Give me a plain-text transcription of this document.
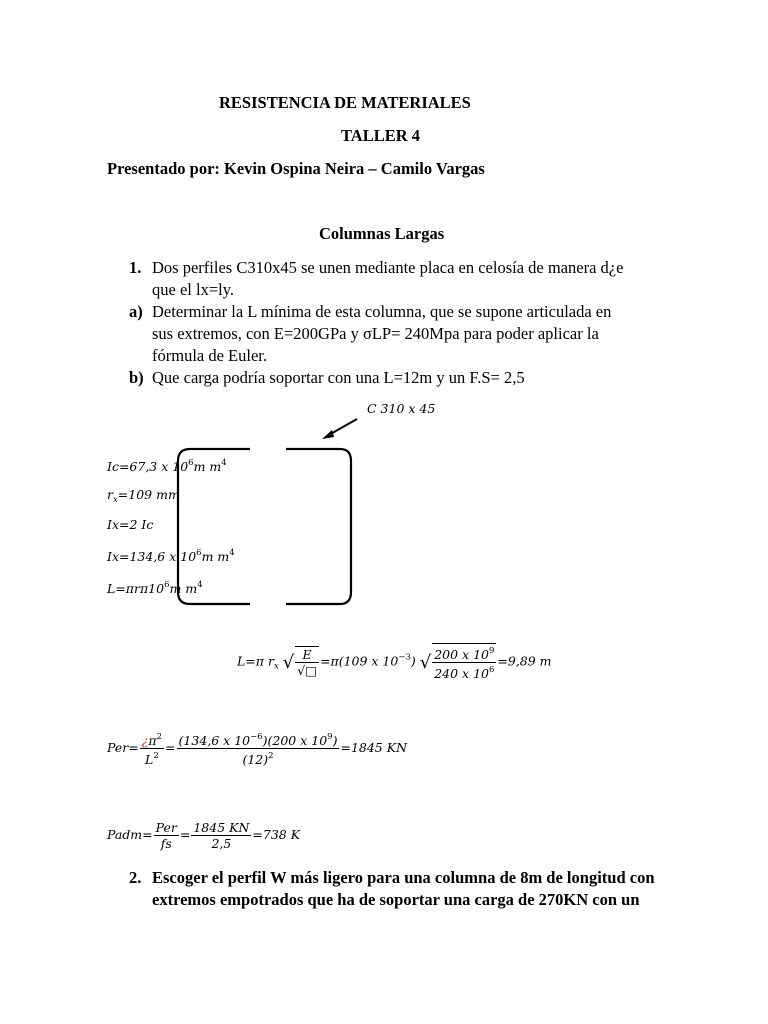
RESISTENCIA DE MATERIALES
TALLER 4
Presentado por: Kevin Ospina Neira – Camilo Vargas
Columnas Largas
1. Dos perfiles C310x45 se unen mediante placa en celosía de manera d¿e
que el lx=ly.
a) Determinar la L mínima de esta columna, que se supone articulada en
sus extremos, con E=200GPa y σLP= 240Mpa para poder aplicar la
fórmula de Euler.
b) Que carga podría soportar con una L=12m y un F.S= 2,5
C 310 x 45
Ic=67,3 x $10^6m$ $m^4$
$r_x=109$ mm
Ix=2 Ic
Ix=134,6 x $10^6m$ $m^4$
$L=\pi r\pi 10^6m$ $m^4$
L=π $r_x$ √ $\frac{E}{√□} =\pi(109$ x $10^{-3}$) √ $\frac{200 x 10^9}{240 x 10^6} =9,89$ m
$Per= \frac{¿\pi^2}{L^2} = \frac{(134,6 x 10^{-6})(200 x 10^9)}{(12)^2} =1845$ KN
Padm= $\frac{\text{Per}}{fs} = \frac{1845 KN}{2,5} =738$ K
2. Escoger el perfil W más ligero para una columna de 8m de longitud con
extremos empotrados que ha de soportar una carga de 270KN con un
